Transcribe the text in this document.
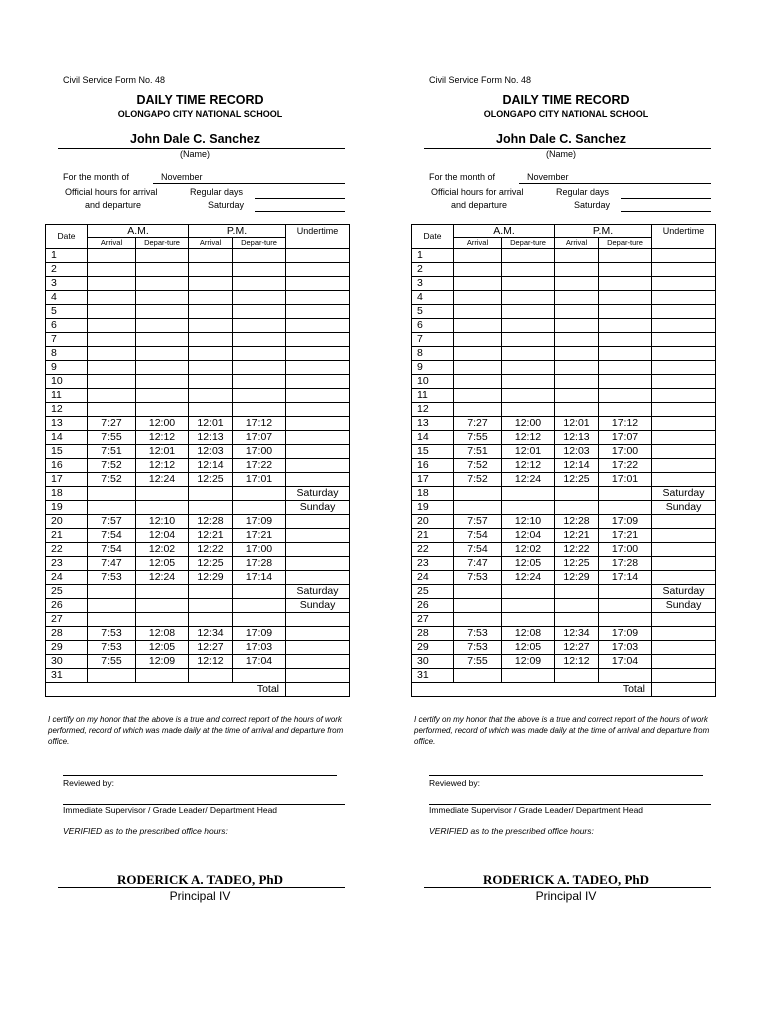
Civil Service Form No. 48
DAILY TIME RECORD
OLONGAPO CITY NATIONAL SCHOOL
John Dale C. Sanchez
(Name)
For the month of	November
Official hours for arrival
and departure
Regular days
Saturday
Date	A.M.		P.M.		Undertime
	Arrival	Depar-ture	Arrival	Depar-ture	
1					
2					
3					
4					
5					
6					
7					
8					
9					
10					
11					
12					
13	7:27	12:00	12:01	17:12	
14	7:55	12:12	12:13	17:07	
15	7:51	12:01	12:03	17:00	
16	7:52	12:12	12:14	17:22	
17	7:52	12:24	12:25	17:01	
18					Saturday
19					Sunday
20	7:57	12:10	12:28	17:09	
21	7:54	12:04	12:21	17:21	
22	7:54	12:02	12:22	17:00	
23	7:47	12:05	12:25	17:28	
24	7:53	12:24	12:29	17:14	
25					Saturday
26					Sunday
27					
28	7:53	12:08	12:34	17:09	
29	7:53	12:05	12:27	17:03	
30	7:55	12:09	12:12	17:04	
31					
	Total				
I certify on my honor that the above is a true and correct report of the hours of work performed, record of which was made daily at the time of arrival and departure from office.
Reviewed by:
Immediate Supervisor / Grade Leader/ Department Head
VERIFIED as to the prescribed office hours:
RODERICK A. TADEO, PhD
Principal IV
Civil Service Form No. 48
DAILY TIME RECORD
OLONGAPO CITY NATIONAL SCHOOL
John Dale C. Sanchez
(Name)
For the month of	November
Official hours for arrival
and departure
Regular days
Saturday
Date	A.M.		P.M.		Undertime
	Arrival	Depar-ture	Arrival	Depar-ture	
1					
2					
3					
4					
5					
6					
7					
8					
9					
10					
11					
12					
13	7:27	12:00	12:01	17:12	
14	7:55	12:12	12:13	17:07	
15	7:51	12:01	12:03	17:00	
16	7:52	12:12	12:14	17:22	
17	7:52	12:24	12:25	17:01	
18					Saturday
19					Sunday
20	7:57	12:10	12:28	17:09	
21	7:54	12:04	12:21	17:21	
22	7:54	12:02	12:22	17:00	
23	7:47	12:05	12:25	17:28	
24	7:53	12:24	12:29	17:14	
25					Saturday
26					Sunday
27					
28	7:53	12:08	12:34	17:09	
29	7:53	12:05	12:27	17:03	
30	7:55	12:09	12:12	17:04	
31					
	Total				
I certify on my honor that the above is a true and correct report of the hours of work performed, record of which was made daily at the time of arrival and departure from office.
Reviewed by:
Immediate Supervisor / Grade Leader/ Department Head
VERIFIED as to the prescribed office hours:
RODERICK A. TADEO, PhD
Principal IV
